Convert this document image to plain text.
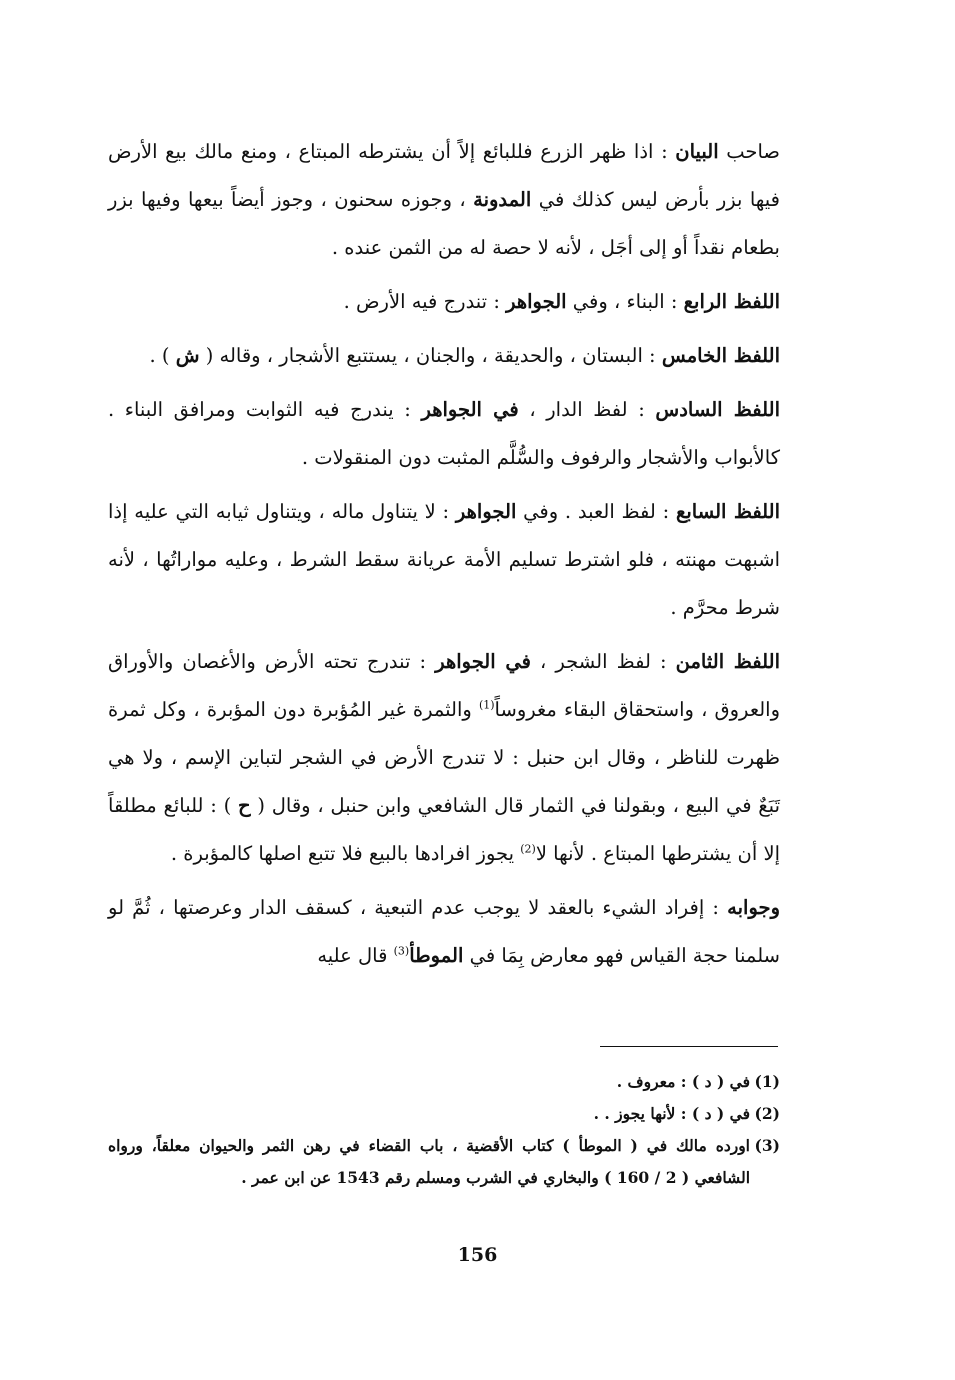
صاحب البيان : اذا ظهر الزرع فللبائع إلاً أن يشترطه المبتاع ، ومنع مالك بيع الأرض فيها بزر بأرض ليس كذلك في المدونة ، وجوزه سحنون ، وجوز أيضاً بيعها وفيها بزر بطعام نقداً أو إلى أجَل ، لأنه لا حصة له من الثمن عنده .

اللفظ الرابع : البناء ، وفي الجواهر : تندرج فيه الأرض .

اللفظ الخامس : البستان ، والحديقة ، والجنان ، يستتبع الأشجار ، وقاله ( ش ) .

اللفظ السادس : لفظ الدار ، في الجواهر : يندرج فيه الثوابت ومرافق البناء . كالأبواب والأشجار والرفوف والسُّلَّم المثبت دون المنقولات .

اللفظ السابع : لفظ العبد . وفي الجواهر : لا يتناول ماله ، ويتناول ثيابه التي عليه إذا اشبهت مهنته ، فلو اشترط تسليم الأمة عريانة سقط الشرط ، وعليه مواراتُها ، لأنه شرط محرَّم .

اللفظ الثامن : لفظ الشجر ، في الجواهر : تندرج تحته الأرض والأغصان والأوراق والعروق ، واستحقاق البقاء مغروساً$^{(1)}$ والثمرة غير المُؤبرة دون المؤبرة ، وكل ثمرة ظهرت للناظر ، وقال ابن حنبل : لا تندرج الأرض في الشجر لتباين الإسم ، ولا هي تَبَعٌ في البيع ، وبقولنا في الثمار قال الشافعي وابن حنبل ، وقال ( ح ) : للبائع مطلقاً إلا أن يشترطها المبتاع . لأنها لا$^{(2)}$ يجوز افرادها بالبيع فلا تتبع اصلها كالمؤبرة .

وجوابه : إفراد الشيء بالعقد لا يوجب عدم التبعية ، كسقف الدار وعرصتها ، ثُمَّ لو سلمنا حجة القياس فهو معارض بِمَا في الموطأ$^{(3)}$ قال عليه

(1)
في ( د ) : معروف .
(2)
في ( د ) : لأنها يجوز . .
(3)
اورده مالك في ( الموطأ ) كتاب الأقضية ، باب القضاء في رهن الثمر والحيوان معلقاً، ورواه الشافعي ( 2 / 160 ) والبخاري في الشرب ومسلم رقم 1543 عن ابن عمر .
156
